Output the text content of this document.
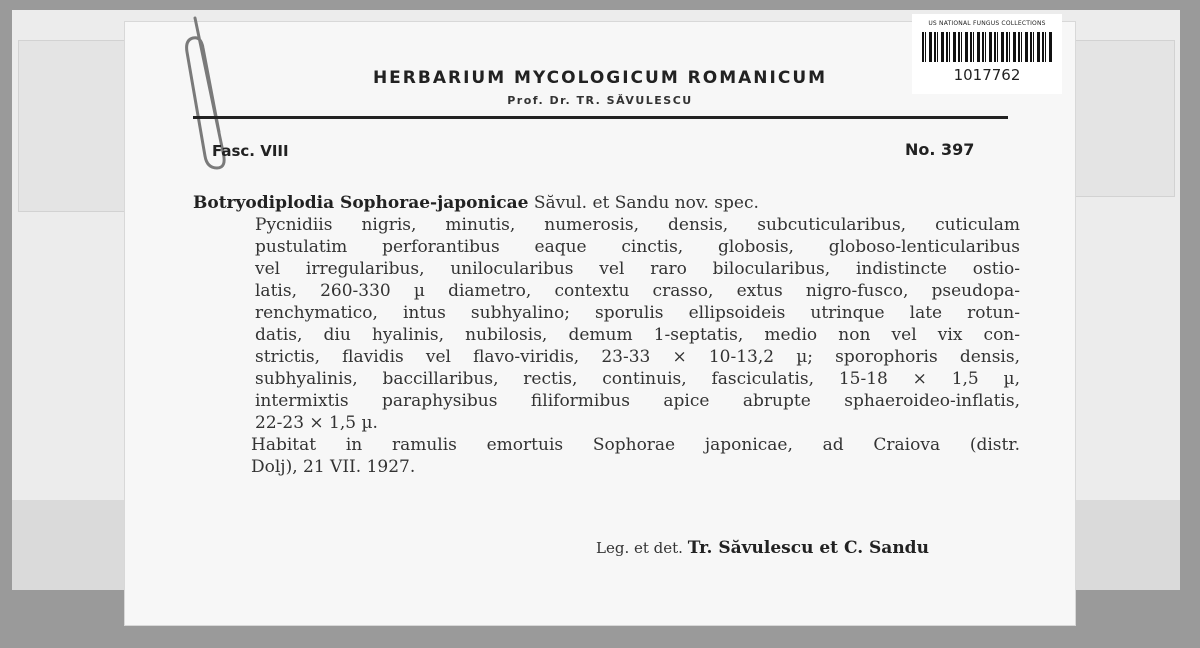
US NATIONAL FUNGUS COLLECTIONS
1017762
HERBARIUM MYCOLOGICUM ROMANICUM
Prof. Dr. TR. SĂVULESCU
Fasc. VIII	No. 397
Botryodiplodia Sophorae-japonicae Săvul. et Sandu nov. spec.
Pycnidiis nigris, minutis, numerosis, densis, subcuticularibus, cuticulam
pustulatim perforantibus eaque cinctis, globosis, globoso-lenticularibus
vel irregularibus, unilocularibus vel raro bilocularibus, indistincte ostio-
latis, 260-330 µ diametro, contextu crasso, extus nigro-fusco, pseudopa-
renchymatico, intus subhyalino; sporulis ellipsoideis utrinque late rotun-
datis, diu hyalinis, nubilosis, demum 1-septatis, medio non vel vix con-
strictis, flavidis vel flavo-viridis, 23-33 × 10-13,2 µ; sporophoris densis,
subhyalinis, baccillaribus, rectis, continuis, fasciculatis, 15-18 × 1,5 µ,
intermixtis paraphysibus filiformibus apice abrupte sphaeroideo-inflatis,
22-23 × 1,5 µ.
Habitat in ramulis emortuis Sophorae japonicae, ad Craiova (distr.
Dolj), 21 VII. 1927.
Leg. et det. Tr. Săvulescu et C. Sandu
